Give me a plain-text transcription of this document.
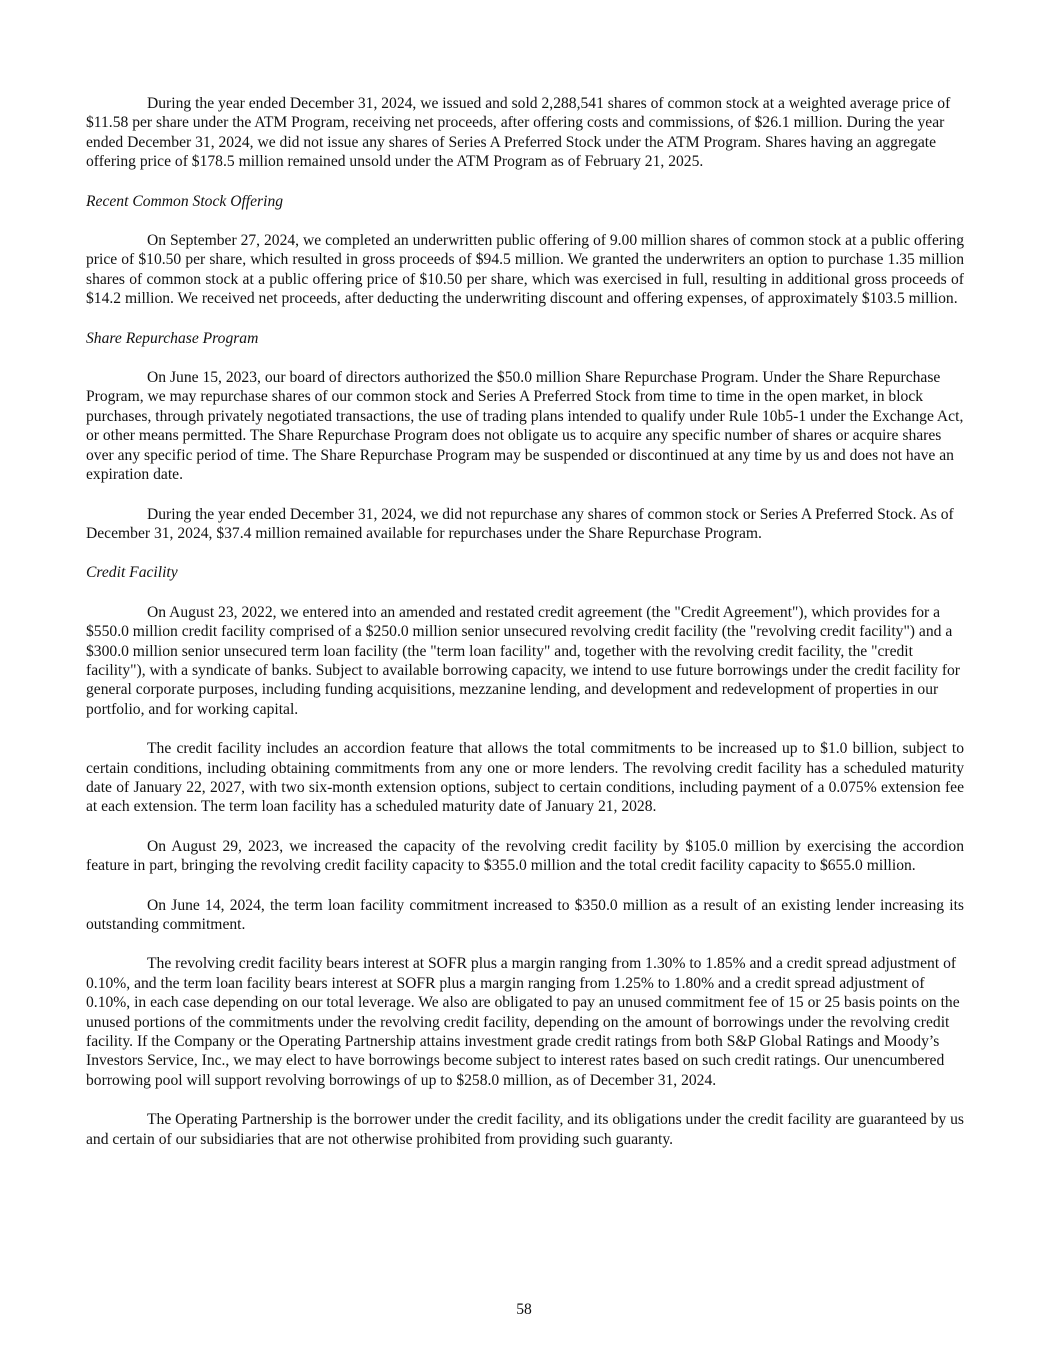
During the year ended December 31, 2024, we issued and sold 2,288,541 shares of common stock at a weighted average price of $11.58 per share under the ATM Program, receiving net proceeds, after offering costs and commissions, of $26.1 million. During the year ended December 31, 2024, we did not issue any shares of Series A Preferred Stock under the ATM Program. Shares having an aggregate offering price of $178.5 million remained unsold under the ATM Program as of February 21, 2025.

Recent Common Stock Offering

On September 27, 2024, we completed an underwritten public offering of 9.00 million shares of common stock at a public offering price of $10.50 per share, which resulted in gross proceeds of $94.5 million. We granted the underwriters an option to purchase 1.35 million shares of common stock at a public offering price of $10.50 per share, which was exercised in full, resulting in additional gross proceeds of $14.2 million. We received net proceeds, after deducting the underwriting discount and offering expenses, of approximately $103.5 million.

Share Repurchase Program

On June 15, 2023, our board of directors authorized the $50.0 million Share Repurchase Program. Under the Share Repurchase Program, we may repurchase shares of our common stock and Series A Preferred Stock from time to time in the open market, in block purchases, through privately negotiated transactions, the use of trading plans intended to qualify under Rule 10b5-1 under the Exchange Act, or other means permitted. The Share Repurchase Program does not obligate us to acquire any specific number of shares or acquire shares over any specific period of time. The Share Repurchase Program may be suspended or discontinued at any time by us and does not have an expiration date.

During the year ended December 31, 2024, we did not repurchase any shares of common stock or Series A Preferred Stock. As of December 31, 2024, $37.4 million remained available for repurchases under the Share Repurchase Program.

Credit Facility

On August 23, 2022, we entered into an amended and restated credit agreement (the "Credit Agreement"), which provides for a $550.0 million credit facility comprised of a $250.0 million senior unsecured revolving credit facility (the "revolving credit facility") and a $300.0 million senior unsecured term loan facility (the "term loan facility" and, together with the revolving credit facility, the "credit facility"), with a syndicate of banks. Subject to available borrowing capacity, we intend to use future borrowings under the credit facility for general corporate purposes, including funding acquisitions, mezzanine lending, and development and redevelopment of properties in our portfolio, and for working capital.

The credit facility includes an accordion feature that allows the total commitments to be increased up to $1.0 billion, subject to certain conditions, including obtaining commitments from any one or more lenders. The revolving credit facility has a scheduled maturity date of January 22, 2027, with two six-month extension options, subject to certain conditions, including payment of a 0.075% extension fee at each extension. The term loan facility has a scheduled maturity date of January 21, 2028.

On August 29, 2023, we increased the capacity of the revolving credit facility by $105.0 million by exercising the accordion feature in part, bringing the revolving credit facility capacity to $355.0 million and the total credit facility capacity to $655.0 million.

On June 14, 2024, the term loan facility commitment increased to $350.0 million as a result of an existing lender increasing its outstanding commitment.

The revolving credit facility bears interest at SOFR plus a margin ranging from 1.30% to 1.85% and a credit spread adjustment of 0.10%, and the term loan facility bears interest at SOFR plus a margin ranging from 1.25% to 1.80% and a credit spread adjustment of 0.10%, in each case depending on our total leverage. We also are obligated to pay an unused commitment fee of 15 or 25 basis points on the unused portions of the commitments under the revolving credit facility, depending on the amount of borrowings under the revolving credit facility. If the Company or the Operating Partnership attains investment grade credit ratings from both S&P Global Ratings and Moody’s Investors Service, Inc., we may elect to have borrowings become subject to interest rates based on such credit ratings. Our unencumbered borrowing pool will support revolving borrowings of up to $258.0 million, as of December 31, 2024.

The Operating Partnership is the borrower under the credit facility, and its obligations under the credit facility are guaranteed by us and certain of our subsidiaries that are not otherwise prohibited from providing such guaranty.

58
